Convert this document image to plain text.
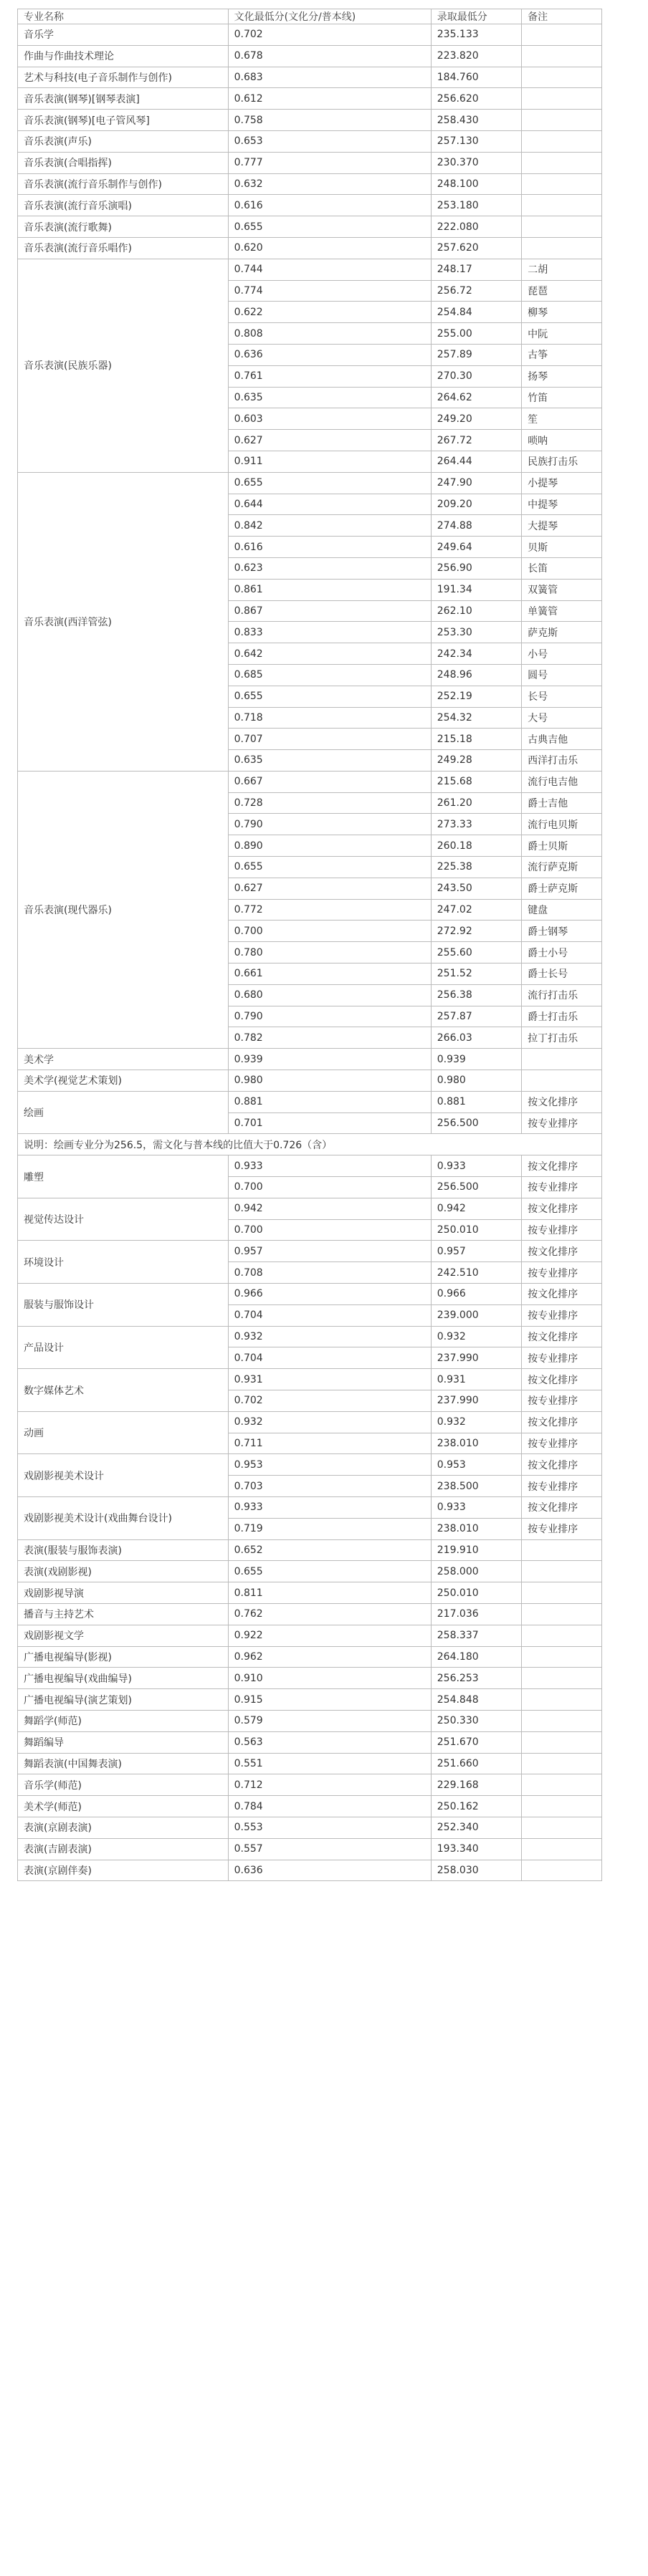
专业名称	文化最低分(文化分/普本线)	录取最低分	备注
音乐学	0.702	235.133	
作曲与作曲技术理论	0.678	223.820	
艺术与科技(电子音乐制作与创作)	0.683	184.760	
音乐表演(钢琴)[钢琴表演]	0.612	256.620	
音乐表演(钢琴)[电子管风琴]	0.758	258.430	
音乐表演(声乐)	0.653	257.130	
音乐表演(合唱指挥)	0.777	230.370	
音乐表演(流行音乐制作与创作)	0.632	248.100	
音乐表演(流行音乐演唱)	0.616	253.180	
音乐表演(流行歌舞)	0.655	222.080	
音乐表演(流行音乐唱作)	0.620	257.620	
音乐表演(民族乐器)	0.744	248.17	二胡
	0.774	256.72	琵琶
	0.622	254.84	柳琴
	0.808	255.00	中阮
	0.636	257.89	古筝
	0.761	270.30	扬琴
	0.635	264.62	竹笛
	0.603	249.20	笙
	0.627	267.72	唢呐
	0.911	264.44	民族打击乐
音乐表演(西洋管弦)	0.655	247.90	小提琴
	0.644	209.20	中提琴
	0.842	274.88	大提琴
	0.616	249.64	贝斯
	0.623	256.90	长笛
	0.861	191.34	双簧管
	0.867	262.10	单簧管
	0.833	253.30	萨克斯
	0.642	242.34	小号
	0.685	248.96	圆号
	0.655	252.19	长号
	0.718	254.32	大号
	0.707	215.18	古典吉他
	0.635	249.28	西洋打击乐
音乐表演(现代器乐)	0.667	215.68	流行电吉他
	0.728	261.20	爵士吉他
	0.790	273.33	流行电贝斯
	0.890	260.18	爵士贝斯
	0.655	225.38	流行萨克斯
	0.627	243.50	爵士萨克斯
	0.772	247.02	键盘
	0.700	272.92	爵士钢琴
	0.780	255.60	爵士小号
	0.661	251.52	爵士长号
	0.680	256.38	流行打击乐
	0.790	257.87	爵士打击乐
	0.782	266.03	拉丁打击乐
美术学	0.939	0.939	
美术学(视觉艺术策划)	0.980	0.980	
绘画	0.881	0.881	按文化排序
	0.701	256.500	按专业排序
说明：绘画专业分为256.5，需文化与普本线的比值大于0.726（含）			
雕塑	0.933	0.933	按文化排序
	0.700	256.500	按专业排序
视觉传达设计	0.942	0.942	按文化排序
	0.700	250.010	按专业排序
环境设计	0.957	0.957	按文化排序
	0.708	242.510	按专业排序
服装与服饰设计	0.966	0.966	按文化排序
	0.704	239.000	按专业排序
产品设计	0.932	0.932	按文化排序
	0.704	237.990	按专业排序
数字媒体艺术	0.931	0.931	按文化排序
	0.702	237.990	按专业排序
动画	0.932	0.932	按文化排序
	0.711	238.010	按专业排序
戏剧影视美术设计	0.953	0.953	按文化排序
	0.703	238.500	按专业排序
戏剧影视美术设计(戏曲舞台设计)	0.933	0.933	按文化排序
	0.719	238.010	按专业排序
表演(服装与服饰表演)	0.652	219.910	
表演(戏剧影视)	0.655	258.000	
戏剧影视导演	0.811	250.010	
播音与主持艺术	0.762	217.036	
戏剧影视文学	0.922	258.337	
广播电视编导(影视)	0.962	264.180	
广播电视编导(戏曲编导)	0.910	256.253	
广播电视编导(演艺策划)	0.915	254.848	
舞蹈学(师范)	0.579	250.330	
舞蹈编导	0.563	251.670	
舞蹈表演(中国舞表演)	0.551	251.660	
音乐学(师范)	0.712	229.168	
美术学(师范)	0.784	250.162	
表演(京剧表演)	0.553	252.340	
表演(吉剧表演)	0.557	193.340	
表演(京剧伴奏)	0.636	258.030	
